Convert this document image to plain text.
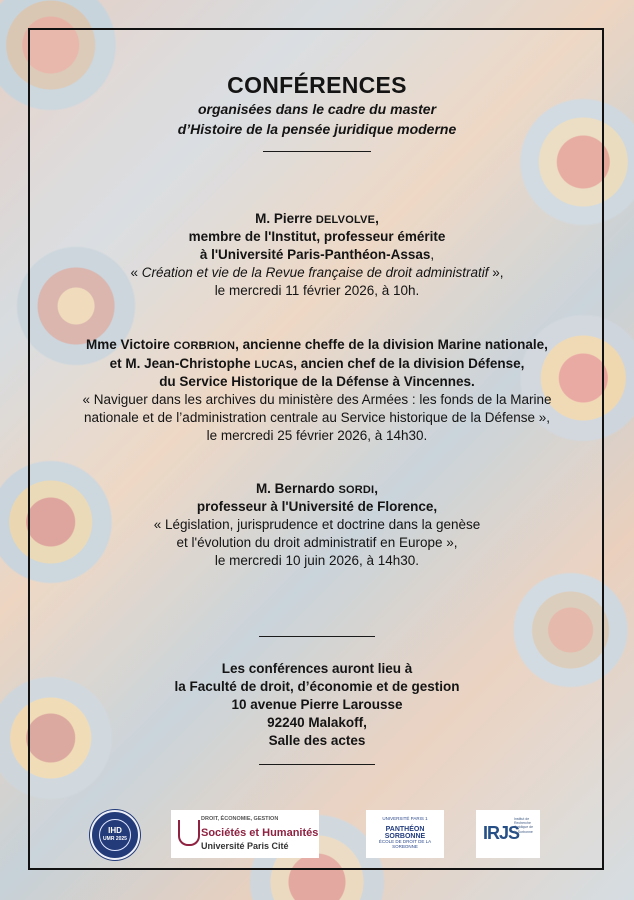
CONFÉRENCES
organisées dans le cadre du master
d’Histoire de la pensée juridique moderne
M. Pierre DELVOLVE,
membre de l'Institut, professeur émérite
à l'Université Paris-Panthéon-Assas,
« Création et vie de la Revue française de droit administratif »,
le mercredi 11 février 2026, à 10h.
Mme Victoire CORBRION, ancienne cheffe de la division Marine nationale,
et M. Jean-Christophe LUCAS, ancien chef de la division Défense,
du Service Historique de la Défense à Vincennes.
« Naviguer dans les archives du ministère des Armées : les fonds de la Marine
nationale et de l’administration centrale au Service historique de la Défense »,
le mercredi 25 février 2026, à 14h30.
M. Bernardo SORDI,
professeur à l'Université de Florence,
« Législation, jurisprudence et doctrine dans la genèse
et l'évolution du droit administratif en Europe »,
le mercredi 10 juin 2026, à 14h30.
Les conférences auront lieu à
la Faculté de droit, d’économie et de gestion
10 avenue Pierre Larousse
92240 Malakoff,
Salle des actes
IHD
UMR 2025
DROIT, ÉCONOMIE, GESTION
Sociétés et Humanités
Université Paris Cité
UNIVERSITÉ PARIS 1
PANTHÉON SORBONNE
ÉCOLE DE DROIT DE LA SORBONNE
IRJS
Institut de Recherche Juridique de la Sorbonne
